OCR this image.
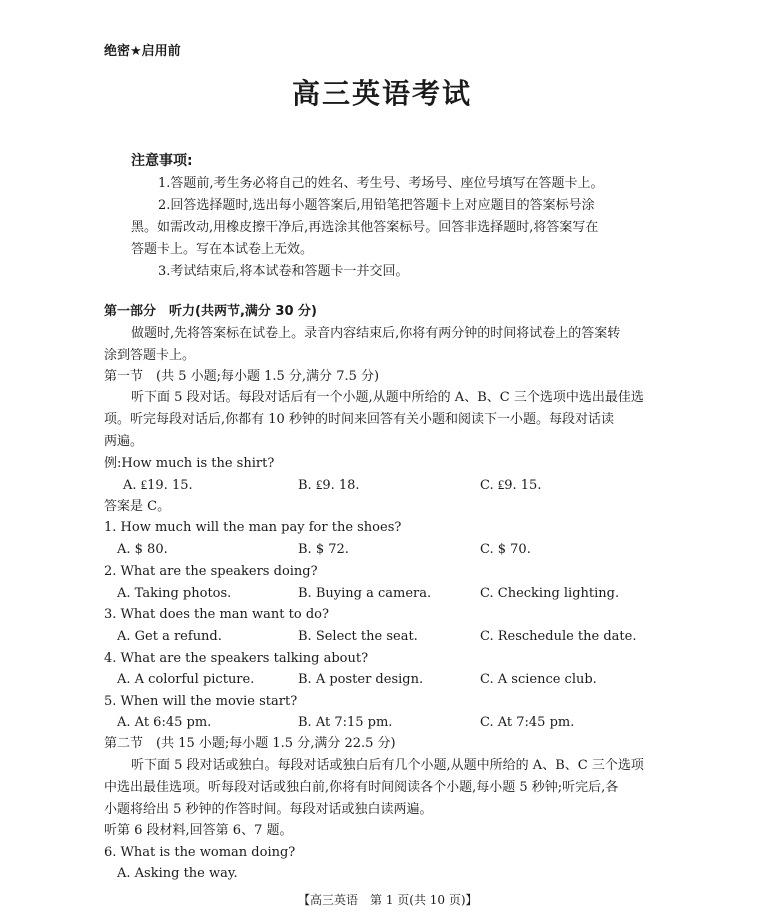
绝密★启用前
高三英语考试
注意事项:
1.答题前,考生务必将自己的姓名、考生号、考场号、座位号填写在答题卡上。
2.回答选择题时,选出每小题答案后,用铅笔把答题卡上对应题目的答案标号涂
黑。如需改动,用橡皮擦干净后,再选涂其他答案标号。回答非选择题时,将答案写在
答题卡上。写在本试卷上无效。
3.考试结束后,将本试卷和答题卡一并交回。
第一部分　听力(共两节,满分 30 分)
做题时,先将答案标在试卷上。录音内容结束后,你将有两分钟的时间将试卷上的答案转
涂到答题卡上。
第一节　(共 5 小题;每小题 1.5 分,满分 7.5 分)
听下面 5 段对话。每段对话后有一个小题,从题中所给的 A、B、C 三个选项中选出最佳选
项。听完每段对话后,你都有 10 秒钟的时间来回答有关小题和阅读下一小题。每段对话读
两遍。
例:How much is the shirt?
A. ₤19. 15.	B. ₤9. 18.	C. ₤9. 15.
答案是 C。
1. How much will the man pay for the shoes?
A. $ 80.	B. $ 72.	C. $ 70.
2. What are the speakers doing?
A. Taking photos.	B. Buying a camera.	C. Checking lighting.
3. What does the man want to do?
A. Get a refund.	B. Select the seat.	C. Reschedule the date.
4. What are the speakers talking about?
A. A colorful picture.	B. A poster design.	C. A science club.
5. When will the movie start?
A. At 6:45 pm.	B. At 7:15 pm.	C. At 7:45 pm.
第二节　(共 15 小题;每小题 1.5 分,满分 22.5 分)
听下面 5 段对话或独白。每段对话或独白后有几个小题,从题中所给的 A、B、C 三个选项
中选出最佳选项。听每段对话或独白前,你将有时间阅读各个小题,每小题 5 秒钟;听完后,各
小题将给出 5 秒钟的作答时间。每段对话或独白读两遍。
听第 6 段材料,回答第 6、7 题。
6. What is the woman doing?
A. Asking the way.
【高三英语　第 1 页(共 10 页)】
